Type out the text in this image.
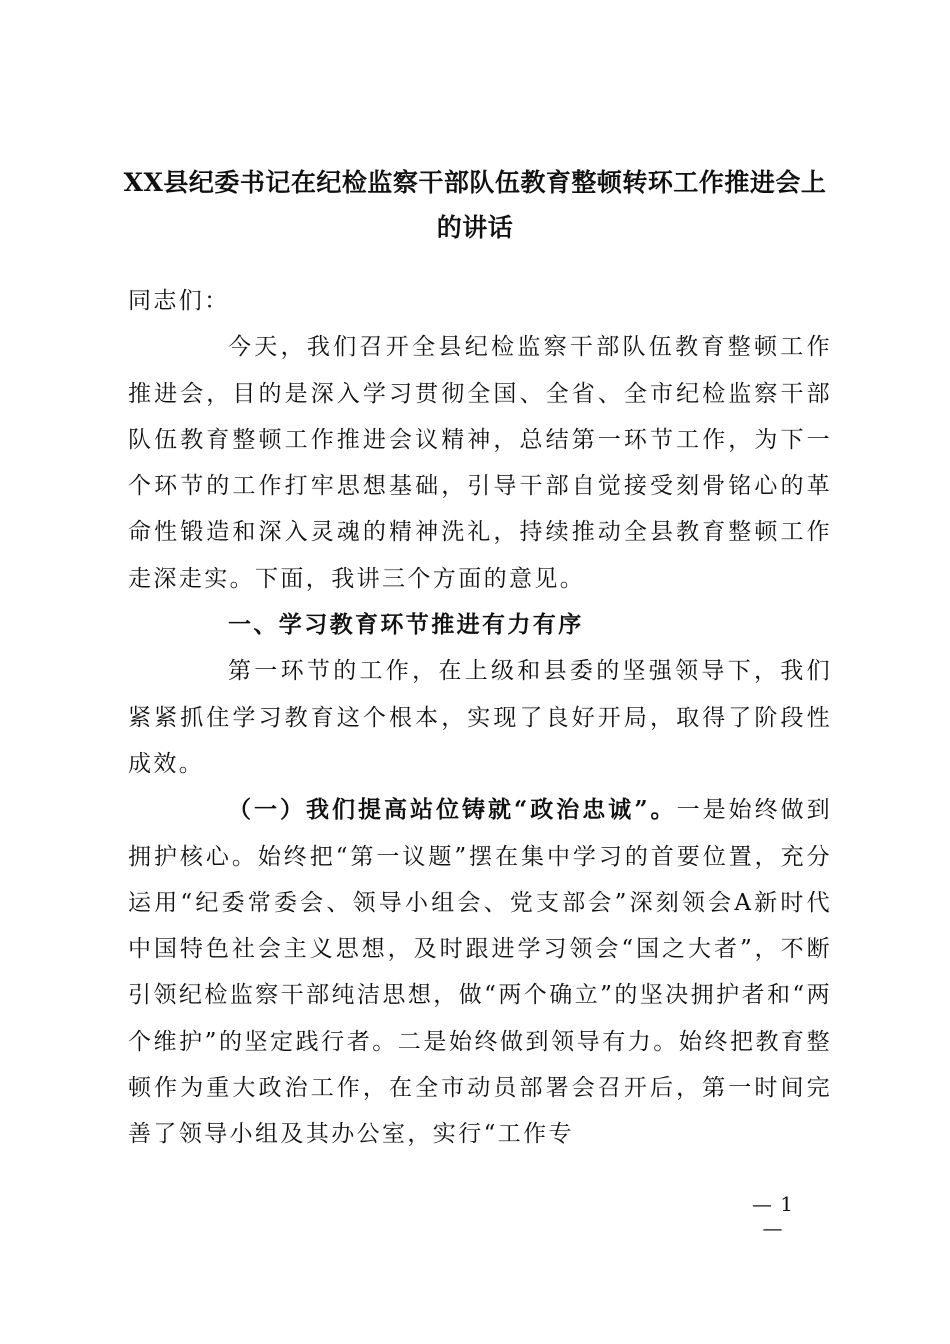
XX县纪委书记在纪检监察干部队伍教育整顿转环工作推进会上
的讲话

同志们：

今天，我们召开全县纪检监察干部队伍教育整顿工作推进会，目的是深入学习贯彻全国、全省、全市纪检监察干部队伍教育整顿工作推进会议精神，总结第一环节工作，为下一个环节的工作打牢思想基础，引导干部自觉接受刻骨铭心的革命性锻造和深入灵魂的精神洗礼，持续推动全县教育整顿工作走深走实。下面，我讲三个方面的意见。

一、学习教育环节推进有力有序

第一环节的工作，在上级和县委的坚强领导下，我们紧紧抓住学习教育这个根本，实现了良好开局，取得了阶段性成效。

（一）我们提高站位铸就“政治忠诚”。一是始终做到拥护核心。始终把“第一议题”摆在集中学习的首要位置，充分运用“纪委常委会、领导小组会、党支部会”深刻领会A新时代中国特色社会主义思想，及时跟进学习领会“国之大者”，不断引领纪检监察干部纯洁思想，做“两个确立”的坚决拥护者和“两个维护”的坚定践行者。二是始终做到领导有力。始终把教育整顿作为重大政治工作，在全市动员部署会召开后，第一时间完善了领导小组及其办公室，实行“工作专

— 1 —
